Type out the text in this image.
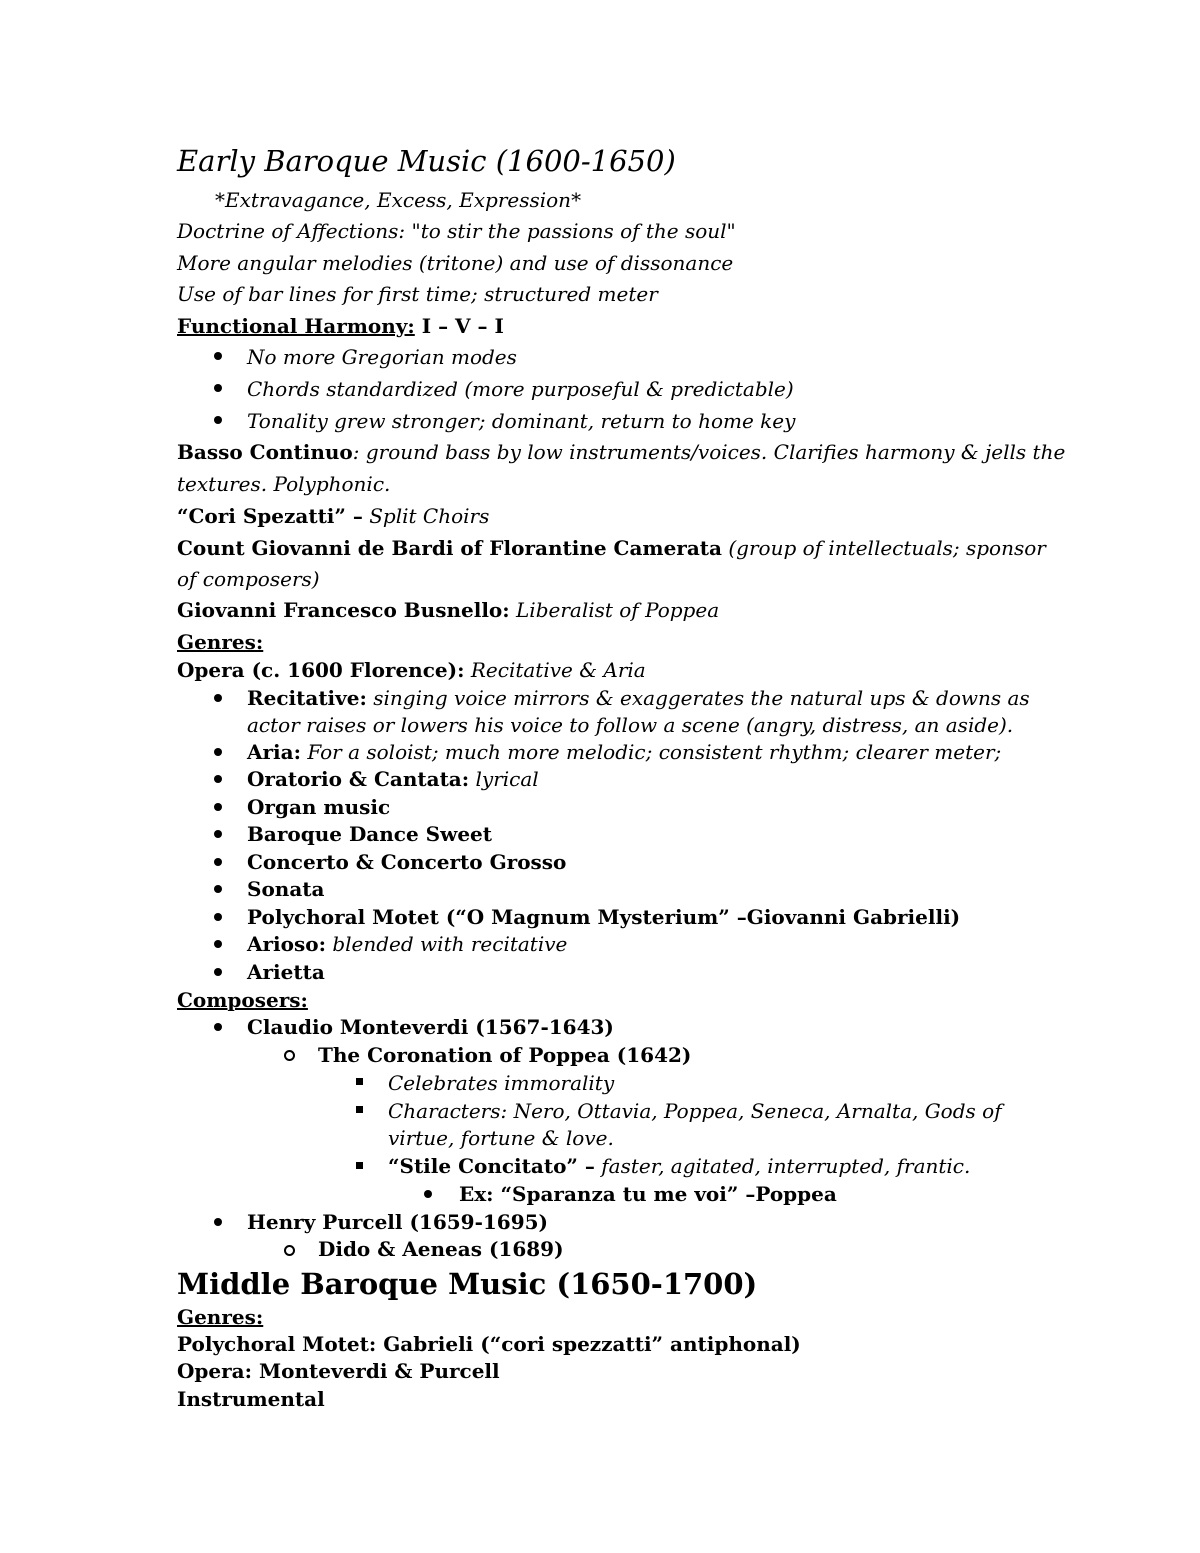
Early Baroque Music (1600-1650)
*Extravagance, Excess, Expression*
Doctrine of Affections: "to stir the passions of the soul"
More angular melodies (tritone) and use of dissonance
Use of bar lines for first time; structured meter
Functional Harmony: I – V – I
No more Gregorian modes
Chords standardized (more purposeful & predictable)
Tonality grew stronger; dominant, return to home key
Basso Continuo: ground bass by low instruments/voices. Clarifies harmony & jells the
textures. Polyphonic.
“Cori Spezatti” – Split Choirs
Count Giovanni de Bardi of Florantine Camerata (group of intellectuals; sponsor
of composers)
Giovanni Francesco Busnello: Liberalist of Poppea
Genres:
Opera (c. 1600 Florence): Recitative & Aria
Recitative: singing voice mirrors & exaggerates the natural ups & downs as
actor raises or lowers his voice to follow a scene (angry, distress, an aside).
Aria: For a soloist; much more melodic; consistent rhythm; clearer meter;
Oratorio & Cantata: lyrical
Organ music
Baroque Dance Sweet
Concerto & Concerto Grosso
Sonata
Polychoral Motet (“O Magnum Mysterium” –Giovanni Gabrielli)
Arioso: blended with recitative
Arietta
Composers:
Claudio Monteverdi (1567-1643)
The Coronation of Poppea (1642)
Celebrates immorality
Characters: Nero, Ottavia, Poppea, Seneca, Arnalta, Gods of
virtue, fortune & love.
“Stile Concitato” – faster, agitated, interrupted, frantic.
Ex: “Sparanza tu me voi” –Poppea
Henry Purcell (1659-1695)
Dido & Aeneas (1689)
Middle Baroque Music (1650-1700)
Genres:
Polychoral Motet: Gabrieli (“cori spezzatti” antiphonal)
Opera: Monteverdi & Purcell
Instrumental
